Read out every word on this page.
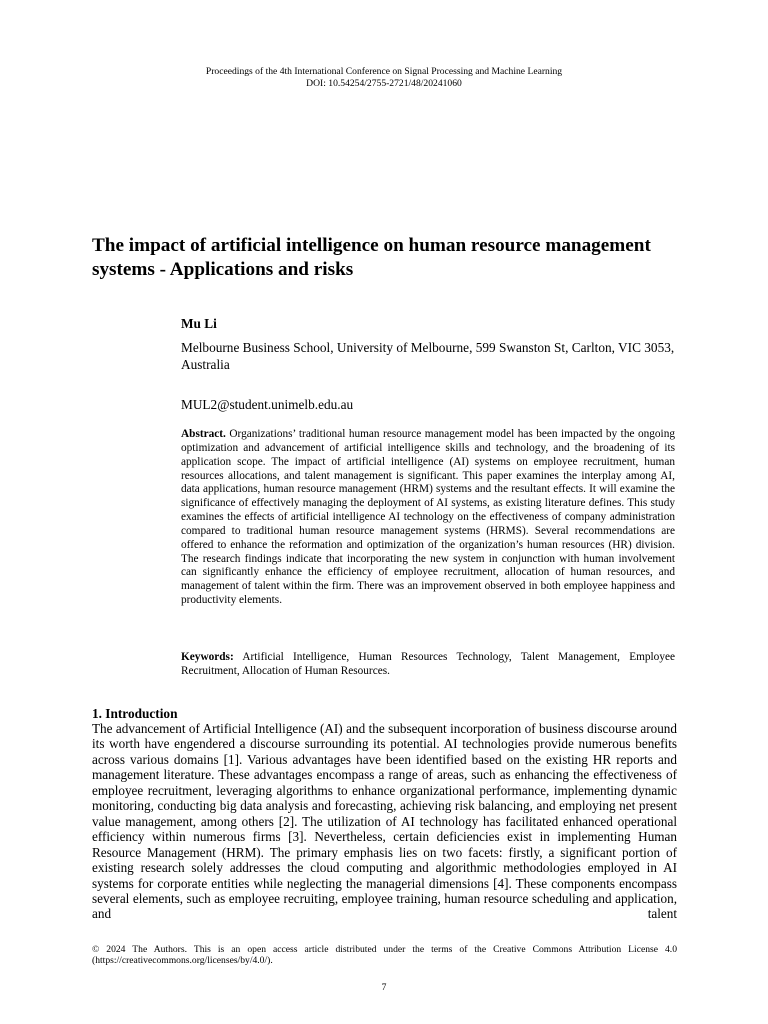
Proceedings of the 4th International Conference on Signal Processing and Machine Learning
DOI: 10.54254/2755-2721/48/20241060
The impact of artificial intelligence on human resource management systems - Applications and risks
Mu Li
Melbourne Business School, University of Melbourne, 599 Swanston St, Carlton, VIC 3053, Australia
MUL2@student.unimelb.edu.au
Abstract. Organizations’ traditional human resource management model has been impacted by the ongoing optimization and advancement of artificial intelligence skills and technology, and the broadening of its application scope. The impact of artificial intelligence (AI) systems on employee recruitment, human resources allocations, and talent management is significant. This paper examines the interplay among AI, data applications, human resource management (HRM) systems and the resultant effects. It will examine the significance of effectively managing the deployment of AI systems, as existing literature defines. This study examines the effects of artificial intelligence AI technology on the effectiveness of company administration compared to traditional human resource management systems (HRMS). Several recommendations are offered to enhance the reformation and optimization of the organization’s human resources (HR) division. The research findings indicate that incorporating the new system in conjunction with human involvement can significantly enhance the efficiency of employee recruitment, allocation of human resources, and management of talent within the firm. There was an improvement observed in both employee happiness and productivity elements.
Keywords: Artificial Intelligence, Human Resources Technology, Talent Management, Employee Recruitment, Allocation of Human Resources.
1. Introduction
The advancement of Artificial Intelligence (AI) and the subsequent incorporation of business discourse around its worth have engendered a discourse surrounding its potential. AI technologies provide numerous benefits across various domains [1]. Various advantages have been identified based on the existing HR reports and management literature. These advantages encompass a range of areas, such as enhancing the effectiveness of employee recruitment, leveraging algorithms to enhance organizational performance, implementing dynamic monitoring, conducting big data analysis and forecasting, achieving risk balancing, and employing net present value management, among others [2]. The utilization of AI technology has facilitated enhanced operational efficiency within numerous firms [3]. Nevertheless, certain deficiencies exist in implementing Human Resource Management (HRM). The primary emphasis lies on two facets: firstly, a significant portion of existing research solely addresses the cloud computing and algorithmic methodologies employed in AI systems for corporate entities while neglecting the managerial dimensions [4]. These components encompass several elements, such as employee recruiting, employee training, human resource scheduling and application, and talent
© 2024 The Authors. This is an open access article distributed under the terms of the Creative Commons Attribution License 4.0 (https://creativecommons.org/licenses/by/4.0/).
7
